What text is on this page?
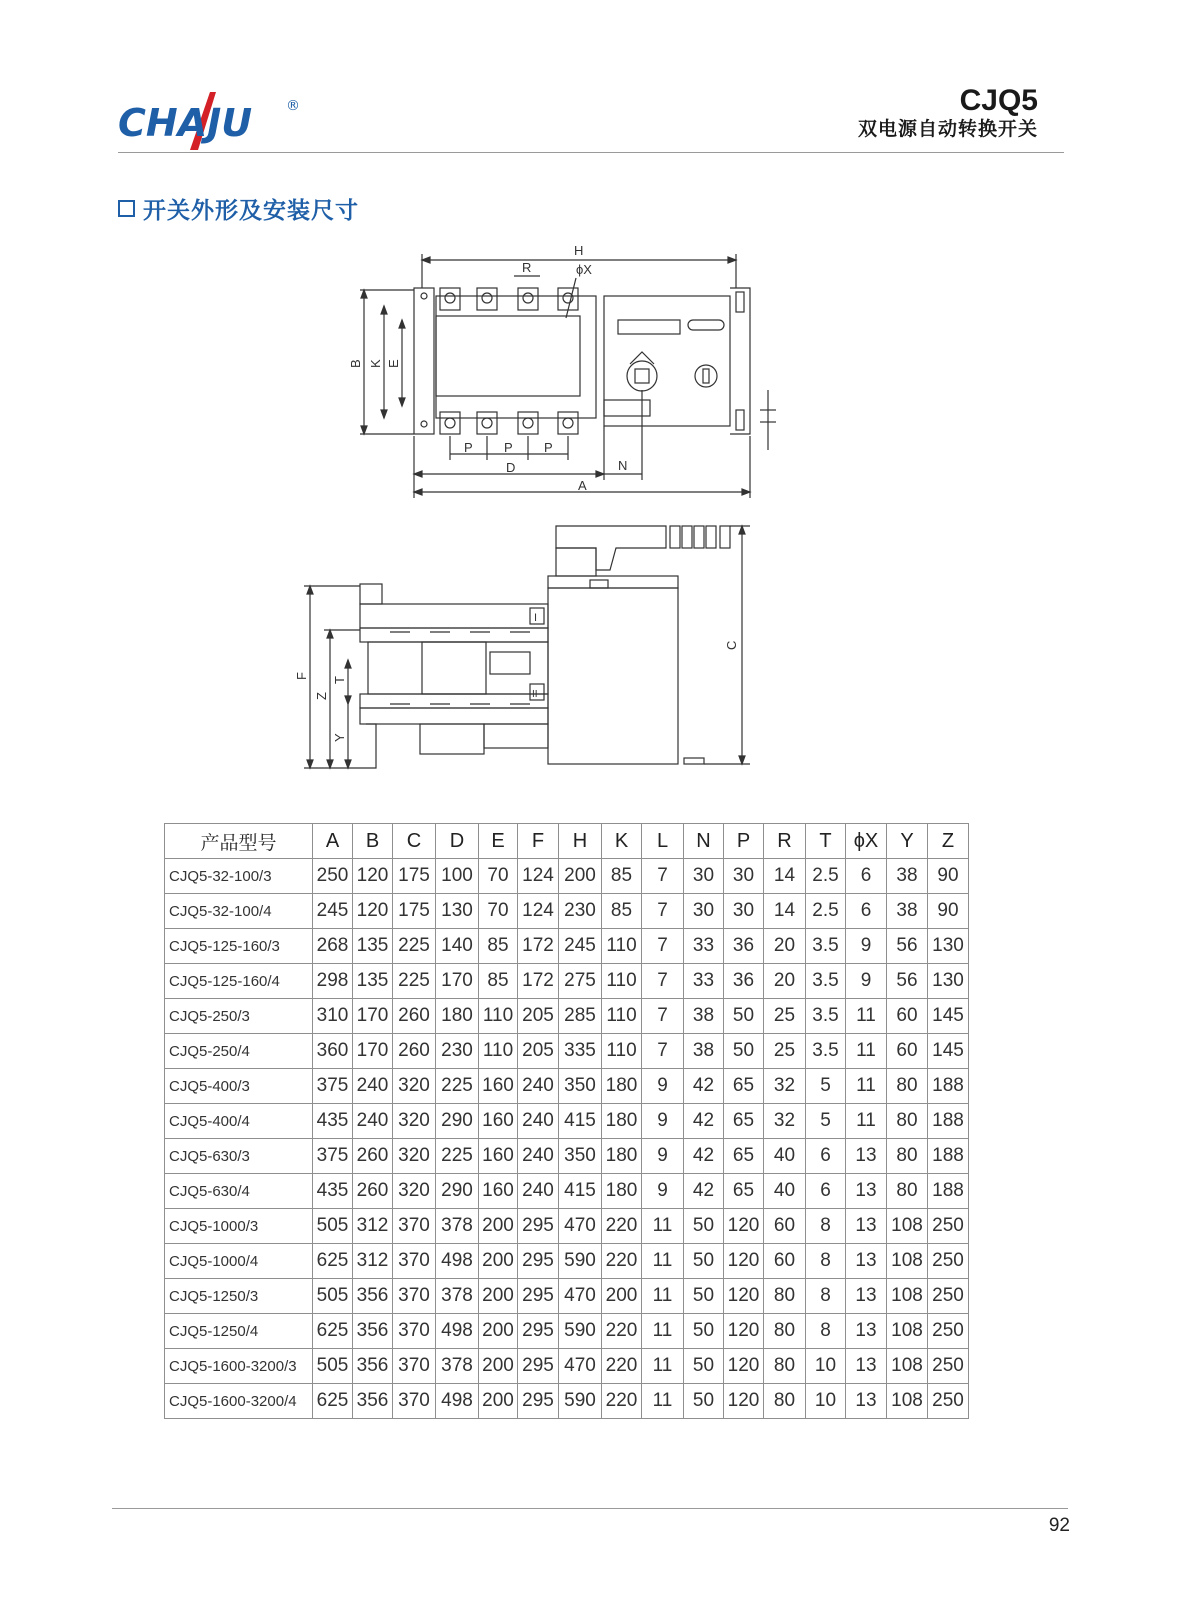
CHAJU ®	CJQ5
双电源自动转换开关
开关外形及安装尺寸
H
R	ϕX
B K E
P P P
D	N
A
I
II
C
F
Z
T
Y
产品型号	A	B	C	D	E	F	H	K	L	N	P	R	T	ϕX	Y	Z
CJQ5-32-100/3	250	120	175	100	70	124	200	85	7	30	30	14	2.5	6	38	90
CJQ5-32-100/4	245	120	175	130	70	124	230	85	7	30	30	14	2.5	6	38	90
CJQ5-125-160/3	268	135	225	140	85	172	245	110	7	33	36	20	3.5	9	56	130
CJQ5-125-160/4	298	135	225	170	85	172	275	110	7	33	36	20	3.5	9	56	130
CJQ5-250/3	310	170	260	180	110	205	285	110	7	38	50	25	3.5	11	60	145
CJQ5-250/4	360	170	260	230	110	205	335	110	7	38	50	25	3.5	11	60	145
CJQ5-400/3	375	240	320	225	160	240	350	180	9	42	65	32	5	11	80	188
CJQ5-400/4	435	240	320	290	160	240	415	180	9	42	65	32	5	11	80	188
CJQ5-630/3	375	260	320	225	160	240	350	180	9	42	65	40	6	13	80	188
CJQ5-630/4	435	260	320	290	160	240	415	180	9	42	65	40	6	13	80	188
CJQ5-1000/3	505	312	370	378	200	295	470	220	11	50	120	60	8	13	108	250
CJQ5-1000/4	625	312	370	498	200	295	590	220	11	50	120	60	8	13	108	250
CJQ5-1250/3	505	356	370	378	200	295	470	200	11	50	120	80	8	13	108	250
CJQ5-1250/4	625	356	370	498	200	295	590	220	11	50	120	80	8	13	108	250
CJQ5-1600-3200/3	505	356	370	378	200	295	470	220	11	50	120	80	10	13	108	250
CJQ5-1600-3200/4	625	356	370	498	200	295	590	220	11	50	120	80	10	13	108	250
92
